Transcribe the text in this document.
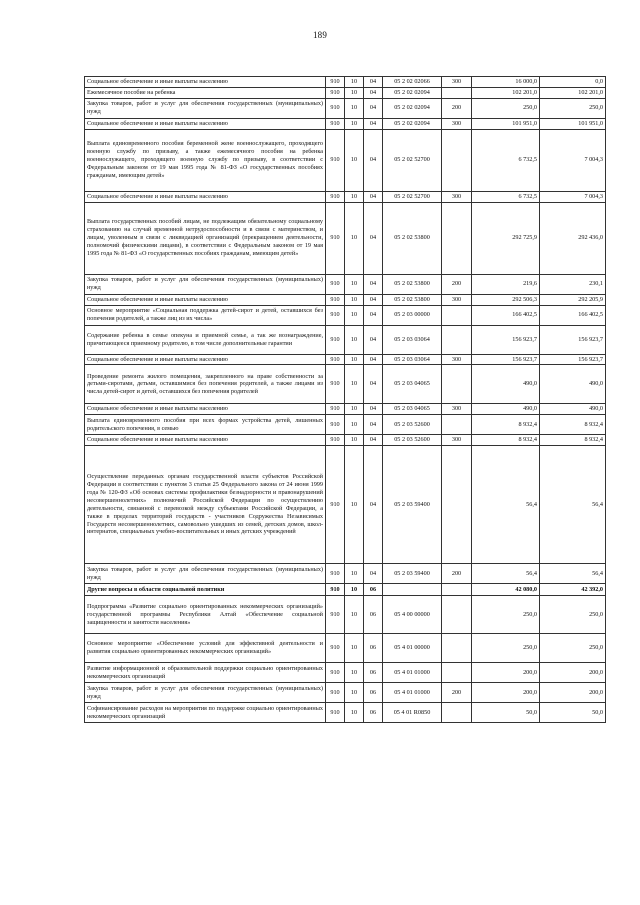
189
Социальное обеспечение и иные выплаты населению	910	10	04	05 2 02 02066	300	16 000,0	0,0
Ежемесячное пособие на ребенка	910	10	04	05 2 02 02094		102 201,0	102 201,0
Закупка товаров, работ и услуг для обеспечения государственных (муниципальных) нужд	910	10	04	05 2 02 02094	200	250,0	250,0
Социальное обеспечение и иные выплаты населению	910	10	04	05 2 02 02094	300	101 951,0	101 951,0
Выплата единовременного пособия беременной жене военнослужащего, проходящего военную службу по призыву, а также ежемесячного пособия на ребенка военнослужащего, проходящего военную службу по призыву, в соответствии с Федеральным законом от 19 мая 1995 года № 81-ФЗ «О государственных пособиях гражданам, имеющим детей»	910	10	04	05 2 02 52700		6 732,5	7 004,3
Социальное обеспечение и иные выплаты населению	910	10	04	05 2 02 52700	300	6 732,5	7 004,3
Выплата государственных пособий лицам, не подлежащим обязательному социальному страхованию на случай временной нетрудоспособности и в связи с материнством, и лицам, уволенным в связи с ликвидацией организаций (прекращением деятельности, полномочий физическими лицами), в соответствии с Федеральным законом от 19 мая 1995 года № 81-ФЗ «О государственных пособиях гражданам, имеющим детей»	910	10	04	05 2 02 53800		292 725,9	292 436,0
Закупка товаров, работ и услуг для обеспечения государственных (муниципальных) нужд	910	10	04	05 2 02 53800	200	219,6	230,1
Социальное обеспечение и иные выплаты населению	910	10	04	05 2 02 53800	300	292 506,3	292 205,9
Основное мероприятие «Социальная поддержка детей-сирот и детей, оставшихся без попечения родителей, а также лиц из их числа»	910	10	04	05 2 03 00000		166 402,5	166 402,5
Содержание ребенка в семье опекуна и приемной семье, а так же вознаграждение, причитающееся приемному родителю, в том числе дополнительные гарантии	910	10	04	05 2 03 03064		156 923,7	156 923,7
Социальное обеспечение и иные выплаты населению	910	10	04	05 2 03 03064	300	156 923,7	156 923,7
Проведение ремонта жилого помещения, закрепленного на праве собственности за детьми-сиротами, детьми, оставшимися без попечения родителей, а также лицами из числа детей-сирот и детей, оставшихся без попечения родителей	910	10	04	05 2 03 04065		490,0	490,0
Социальное обеспечение и иные выплаты населению	910	10	04	05 2 03 04065	300	490,0	490,0
Выплата единовременного пособия при всех формах устройства детей, лишенных родительского попечения, в семью	910	10	04	05 2 03 52600		8 932,4	8 932,4
Социальное обеспечение и иные выплаты населению	910	10	04	05 2 03 52600	300	8 932,4	8 932,4
Осуществление переданных органам государственной власти субъектов Российской Федерации в соответствии с пунктом 3 статьи 25 Федерального закона от 24 июня 1999 года № 120-ФЗ «Об основах системы профилактики безнадзорности и правонарушений несовершеннолетних» полномочий Российской Федерации по осуществлению деятельности, связанной с перевозкой между субъектами Российской Федерации, а также в пределах территорий государств - участников Содружества Независимых Государств несовершеннолетних, самовольно ушедших из семей, детских домов, школ-интернатов, специальных учебно-воспитательных и иных детских учреждений	910	10	04	05 2 03 59400		56,4	56,4
Закупка товаров, работ и услуг для обеспечения государственных (муниципальных) нужд	910	10	04	05 2 03 59400	200	56,4	56,4
Другие вопросы в области социальной политики	910	10	06			42 080,0	42 392,0
Подпрограмма «Развитие социально ориентированных некоммерческих организаций» государственной программы Республики Алтай «Обеспечение социальной защищенности и занятости населения»	910	10	06	05 4 00 00000		250,0	250,0
Основное мероприятие «Обеспечение условий для эффективной деятельности и развития социально ориентированных некоммерческих организаций»	910	10	06	05 4 01 00000		250,0	250,0
Развитие информационной и образовательной поддержки социально ориентированных некоммерческих организаций	910	10	06	05 4 01 01000		200,0	200,0
Закупка товаров, работ и услуг для обеспечения государственных (муниципальных) нужд	910	10	06	05 4 01 01000	200	200,0	200,0
Софинансирование расходов на мероприятия по поддержке социально ориентированных некоммерческих организаций	910	10	06	05 4 01 R0850		50,0	50,0
